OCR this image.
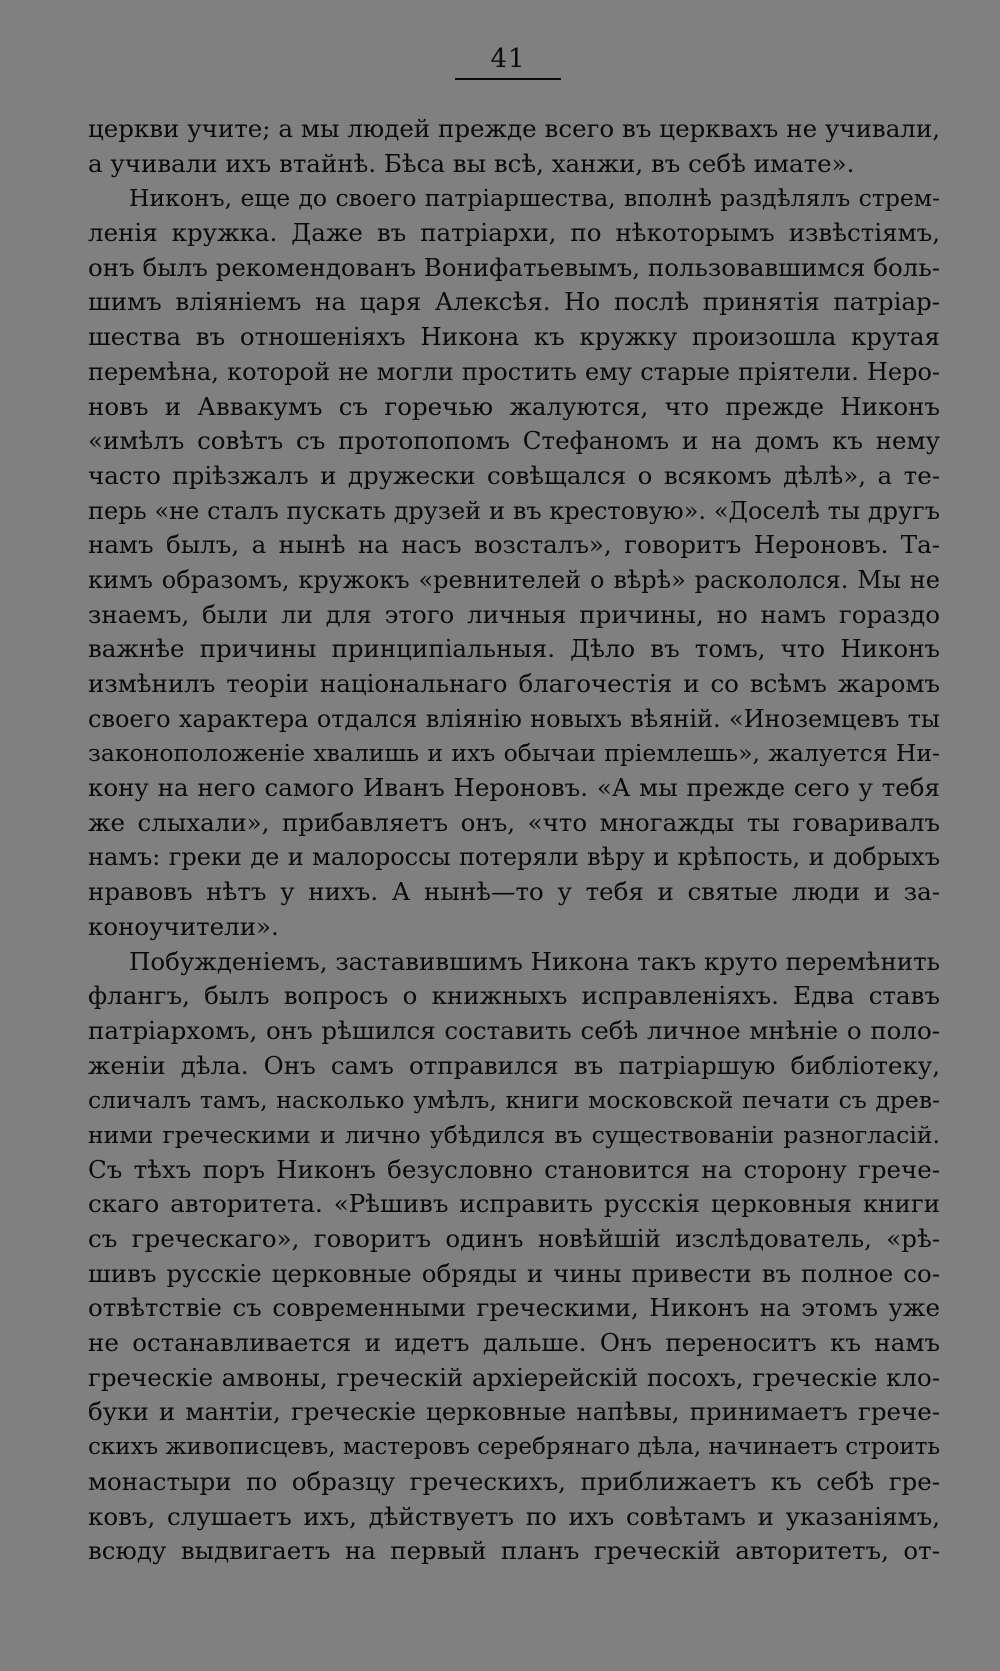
41
церкви учите; а мы людей прежде всего въ церквахъ не учивали,
а учивали ихъ втайнѣ. Бѣса вы всѣ, ханжи, въ себѣ имате».
Никонъ, еще до своего патріаршества, вполнѣ раздѣлялъ стрем-
ленія кружка. Даже въ патріархи, по нѣкоторымъ извѣстіямъ,
онъ былъ рекомендованъ Вонифатьевымъ, пользовавшимся боль-
шимъ вліяніемъ на царя Алексѣя. Но послѣ принятія патріар-
шества въ отношеніяхъ Никона къ кружку произошла крутая
перемѣна, которой не могли простить ему старые пріятели. Неро-
новъ и Аввакумъ съ горечью жалуются, что прежде Никонъ
«имѣлъ совѣтъ съ протопопомъ Стефаномъ и на домъ къ нему
часто пріѣзжалъ и дружески совѣщался о всякомъ дѣлѣ», а те-
перь «не сталъ пускать друзей и въ крестовую». «Доселѣ ты другъ
намъ былъ, а нынѣ на насъ возсталъ», говоритъ Нероновъ. Та-
кимъ образомъ, кружокъ «ревнителей о вѣрѣ» раскололся. Мы не
знаемъ, были ли для этого личныя причины, но намъ гораздо
важнѣе причины принципіальныя. Дѣло въ томъ, что Никонъ
измѣнилъ теоріи національнаго благочестія и со всѣмъ жаромъ
своего характера отдался вліянію новыхъ вѣяній. «Иноземцевъ ты
законоположеніе хвалишь и ихъ обычаи пріемлешь», жалуется Ни-
кону на него самого Иванъ Нероновъ. «А мы прежде сего у тебя
же слыхали», прибавляетъ онъ, «что многажды ты говаривалъ
намъ: греки де и малороссы потеряли вѣру и крѣпость, и добрыхъ
нравовъ нѣтъ у нихъ. А нынѣ—то у тебя и святые люди и за-
коноучители».
Побужденіемъ, заставившимъ Никона такъ круто перемѣнить
флангъ, былъ вопросъ о книжныхъ исправленіяхъ. Едва ставъ
патріархомъ, онъ рѣшился составить себѣ личное мнѣніе о поло-
женіи дѣла. Онъ самъ отправился въ патріаршую библіотеку,
сличалъ тамъ, насколько умѣлъ, книги московской печати съ древ-
ними греческими и лично убѣдился въ существованіи разногласій.
Съ тѣхъ поръ Никонъ безусловно становится на сторону грече-
скаго авторитета. «Рѣшивъ исправить русскія церковныя книги
съ греческаго», говоритъ одинъ новѣйшій изслѣдователь, «рѣ-
шивъ русскіе церковные обряды и чины привести въ полное со-
отвѣтствіе съ современными греческими, Никонъ на этомъ уже
не останавливается и идетъ дальше. Онъ переноситъ къ намъ
греческіе амвоны, греческій архіерейскій посохъ, греческіе кло-
буки и мантіи, греческіе церковные напѣвы, принимаетъ грече-
скихъ живописцевъ, мастеровъ серебрянаго дѣла, начинаетъ строить
монастыри по образцу греческихъ, приближаетъ къ себѣ гре-
ковъ, слушаетъ ихъ, дѣйствуетъ по ихъ совѣтамъ и указаніямъ,
всюду выдвигаетъ на первый планъ греческій авторитетъ, от-
